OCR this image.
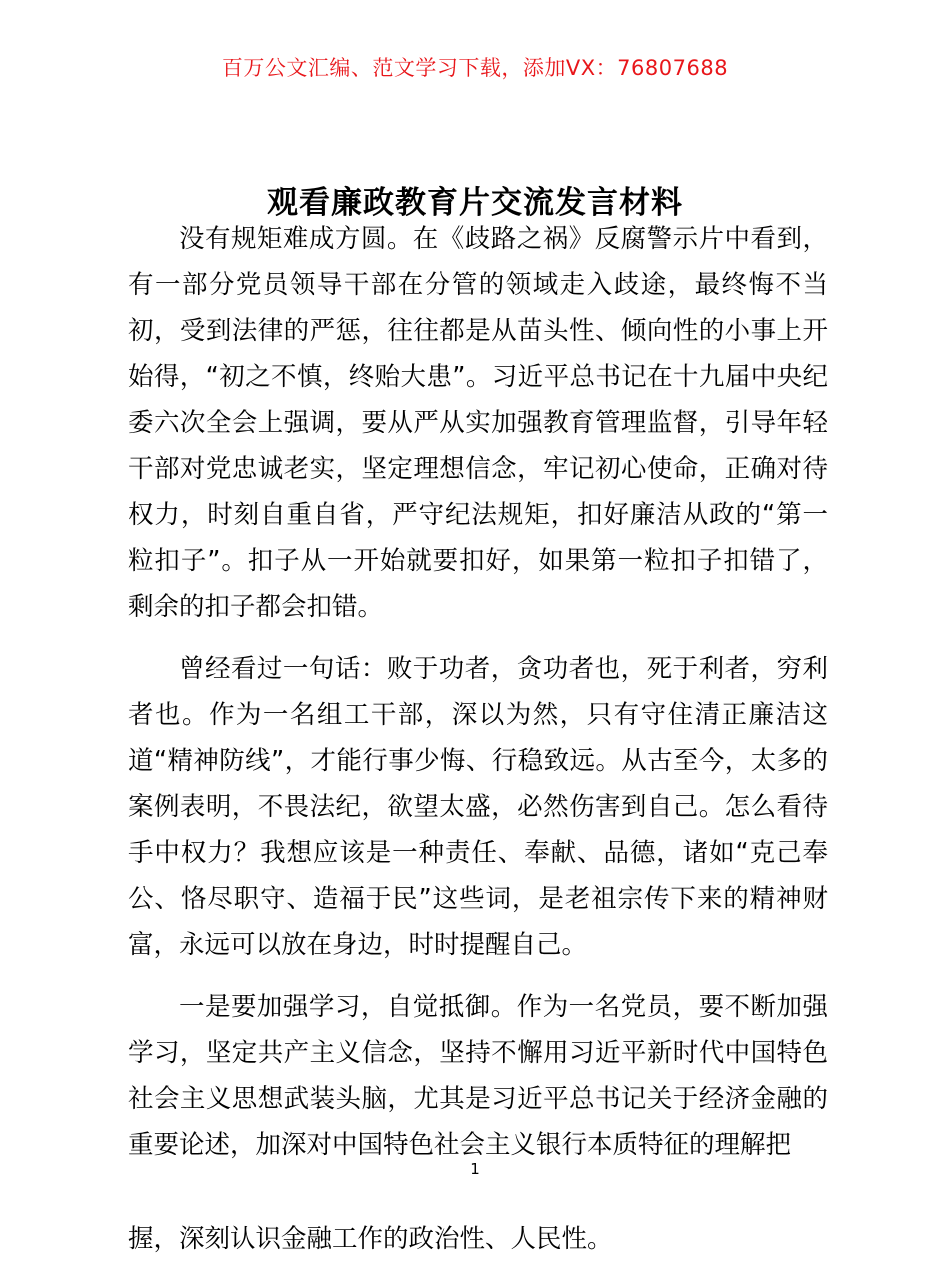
百万公文汇编、范文学习下载，添加VX：76807688
观看廉政教育片交流发言材料

没有规矩难成方圆。在《歧路之祸》反腐警示片中看到，有一部分党员领导干部在分管的领域走入歧途，最终悔不当初，受到法律的严惩，往往都是从苗头性、倾向性的小事上开始得，“初之不慎，终贻大患”。习近平总书记在十九届中央纪委六次全会上强调，要从严从实加强教育管理监督，引导年轻干部对党忠诚老实，坚定理想信念，牢记初心使命，正确对待权力，时刻自重自省，严守纪法规矩，扣好廉洁从政的“第一粒扣子”。扣子从一开始就要扣好，如果第一粒扣子扣错了，剩余的扣子都会扣错。

曾经看过一句话：败于功者，贪功者也，死于利者，穷利者也。作为一名组工干部，深以为然，只有守住清正廉洁这道“精神防线”，才能行事少悔、行稳致远。从古至今，太多的案例表明，不畏法纪，欲望太盛，必然伤害到自己。怎么看待手中权力？我想应该是一种责任、奉献、品德，诸如“克己奉公、恪尽职守、造福于民”这些词，是老祖宗传下来的精神财富，永远可以放在身边，时时提醒自己。

一是要加强学习，自觉抵御。作为一名党员，要不断加强学习，坚定共产主义信念，坚持不懈用习近平新时代中国特色社会主义思想武装头脑，尤其是习近平总书记关于经济金融的重要论述，加深对中国特色社会主义银行本质特征的理解把

握，深刻认识金融工作的政治性、人民性。
1
